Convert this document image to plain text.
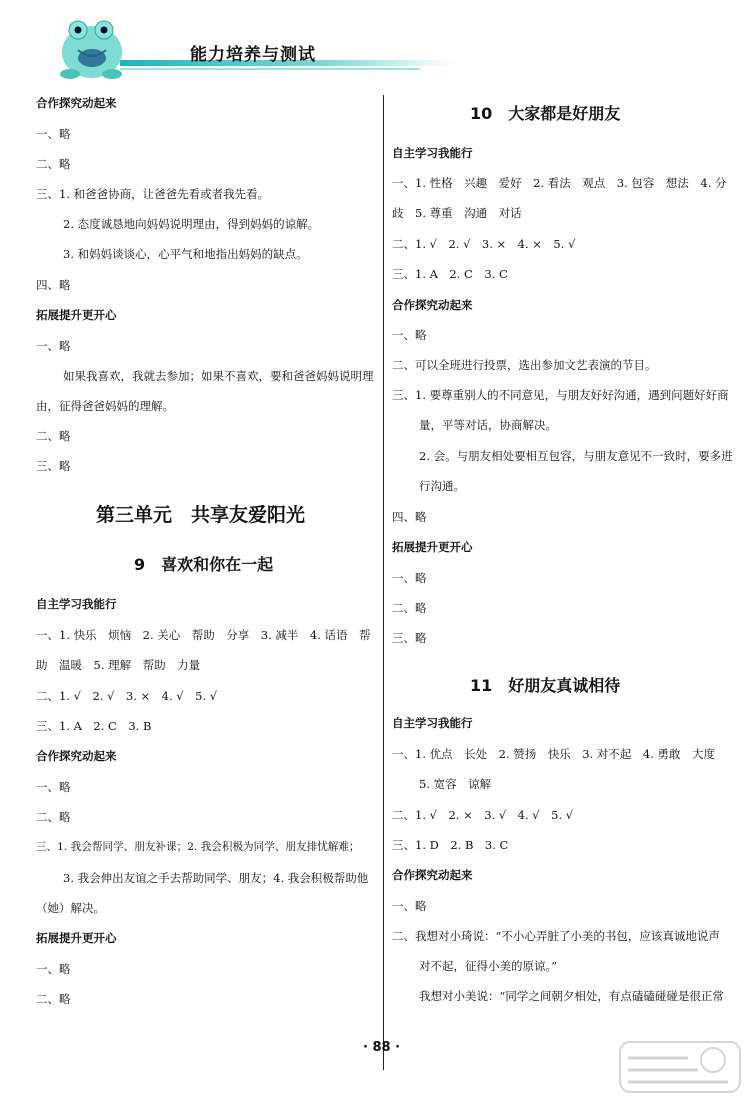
能力培养与测试
合作探究动起来
一、略
二、略
三、1. 和爸爸协商，让爸爸先看或者我先看。
2. 态度诚恳地向妈妈说明理由，得到妈妈的谅解。
3. 和妈妈谈谈心，心平气和地指出妈妈的缺点。
四、略
拓展提升更开心
一、略
如果我喜欢，我就去参加；如果不喜欢，要和爸爸妈妈说明理
由，征得爸爸妈妈的理解。
二、略
三、略
第三单元　共享友爱阳光
9　喜欢和你在一起
自主学习我能行
一、1. 快乐　烦恼　2. 关心　帮助　分享　3. 减半　4. 话语　帮
助　温暖　5. 理解　帮助　力量
二、1. √　2. √　3. ×　4. √　5. √
三、1. A　2. C　3. B
合作探究动起来
一、略
二、略
三、1. 我会帮同学、朋友补课；2. 我会积极为同学、朋友排忧解难；
3. 我会伸出友谊之手去帮助同学、朋友；4. 我会积极帮助他
（她）解决。
拓展提升更开心
一、略
二、略
10　大家都是好朋友
自主学习我能行
一、1. 性格　兴趣　爱好　2. 看法　观点　3. 包容　想法　4. 分
歧　5. 尊重　沟通　对话
二、1. √　2. √　3. ×　4. ×　5. √
三、1. A　2. C　3. C
合作探究动起来
一、略
二、可以全班进行投票，选出参加文艺表演的节目。
三、1. 要尊重别人的不同意见，与朋友好好沟通，遇到问题好好商
量，平等对话，协商解决。
2. 会。与朋友相处要相互包容，与朋友意见不一致时，要多进
行沟通。
四、略
拓展提升更开心
一、略
二、略
三、略
11　好朋友真诚相待
自主学习我能行
一、1. 优点　长处　2. 赞扬　快乐　3. 对不起　4. 勇敢　大度
5. 宽容　谅解
二、1. √　2. ×　3. √　4. √　5. √
三、1. D　2. B　3. C
合作探究动起来
一、略
二、我想对小琦说：“不小心弄脏了小美的书包，应该真诚地说声
对不起，征得小美的原谅。”
我想对小美说：“同学之间朝夕相处，有点磕磕碰碰是很正常
· 88 ·
